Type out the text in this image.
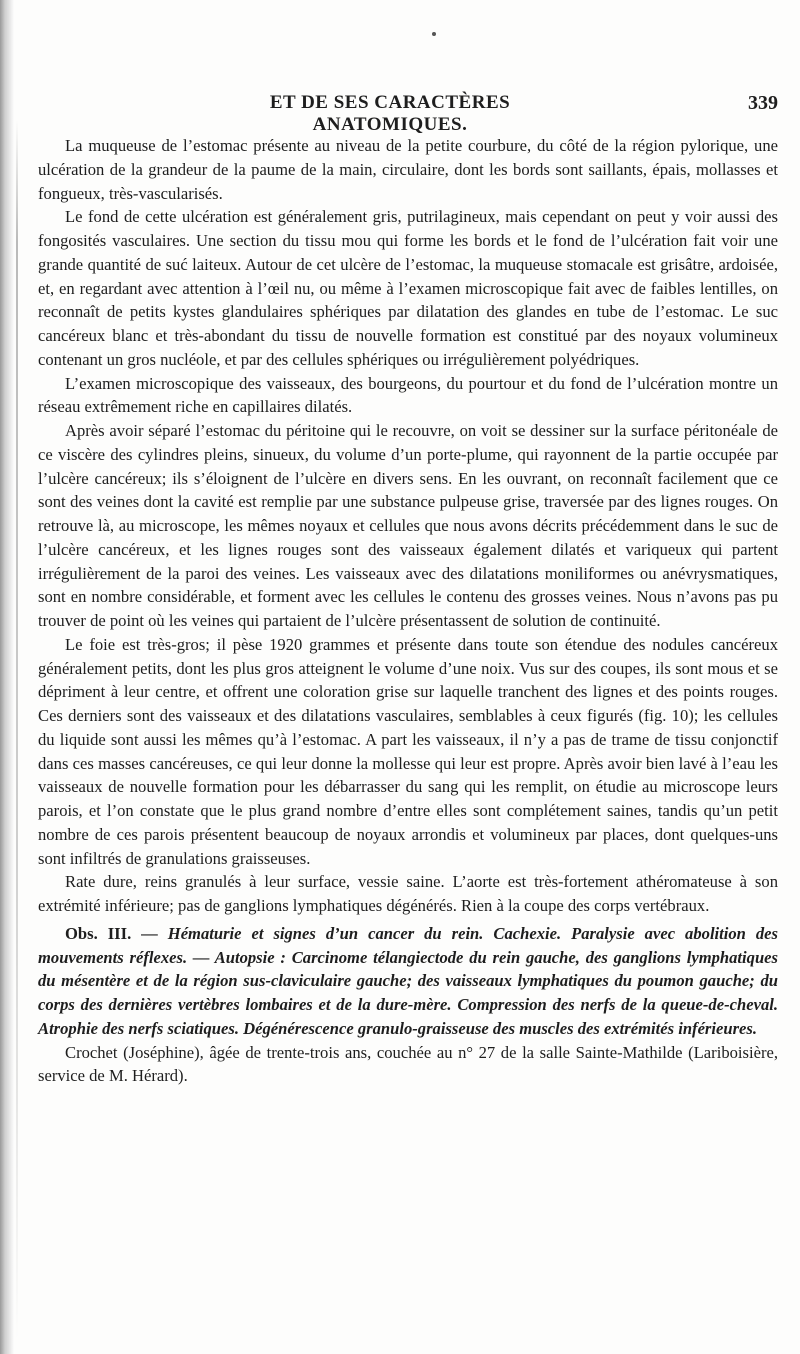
ET DE SES CARACTÈRES ANATOMIQUES.
339

La muqueuse de l’estomac présente au niveau de la petite courbure, du côté de la région pylorique, une ulcération de la grandeur de la paume de la main, circulaire, dont les bords sont saillants, épais, mollasses et fongueux, très-vascularisés.

Le fond de cette ulcération est généralement gris, putrilagineux, mais cependant on peut y voir aussi des fongosités vasculaires. Une section du tissu mou qui forme les bords et le fond de l’ulcération fait voir une grande quantité de suć laiteux. Autour de cet ulcère de l’estomac, la muqueuse stomacale est grisâtre, ardoisée, et, en regardant avec attention à l’œil nu, ou même à l’examen microscopique fait avec de faibles lentilles, on reconnaît de petits kystes glandulaires sphériques par dilatation des glandes en tube de l’estomac. Le suc cancéreux blanc et très-abondant du tissu de nouvelle formation est constitué par des noyaux volumineux contenant un gros nucléole, et par des cellules sphériques ou irrégulièrement polyédriques.

L’examen microscopique des vaisseaux, des bourgeons, du pourtour et du fond de l’ulcération montre un réseau extrêmement riche en capillaires dilatés.

Après avoir séparé l’estomac du péritoine qui le recouvre, on voit se dessiner sur la surface péritonéale de ce viscère des cylindres pleins, sinueux, du volume d’un porte-plume, qui rayonnent de la partie occupée par l’ulcère cancéreux; ils s’éloignent de l’ulcère en divers sens. En les ouvrant, on reconnaît facilement que ce sont des veines dont la cavité est remplie par une substance pulpeuse grise, traversée par des lignes rouges. On retrouve là, au microscope, les mêmes noyaux et cellules que nous avons décrits précédemment dans le suc de l’ulcère cancéreux, et les lignes rouges sont des vaisseaux également dilatés et variqueux qui partent irrégulièrement de la paroi des veines. Les vaisseaux avec des dilatations moniliformes ou anévrysmatiques, sont en nombre considérable, et forment avec les cellules le contenu des grosses veines. Nous n’avons pas pu trouver de point où les veines qui partaient de l’ulcère présentassent de solution de continuité.

Le foie est très-gros; il pèse 1920 grammes et présente dans toute son étendue des nodules cancéreux généralement petits, dont les plus gros atteignent le volume d’une noix. Vus sur des coupes, ils sont mous et se dépriment à leur centre, et offrent une coloration grise sur laquelle tranchent des lignes et des points rouges. Ces derniers sont des vaisseaux et des dilatations vasculaires, semblables à ceux figurés (fig. 10); les cellules du liquide sont aussi les mêmes qu’à l’estomac. A part les vaisseaux, il n’y a pas de trame de tissu conjonctif dans ces masses cancéreuses, ce qui leur donne la mollesse qui leur est propre. Après avoir bien lavé à l’eau les vaisseaux de nouvelle formation pour les débarrasser du sang qui les remplit, on étudie au microscope leurs parois, et l’on constate que le plus grand nombre d’entre elles sont complétement saines, tandis qu’un petit nombre de ces parois présentent beaucoup de noyaux arrondis et volumineux par places, dont quelques-uns sont infiltrés de granulations graisseuses.

Rate dure, reins granulés à leur surface, vessie saine. L’aorte est très-fortement athéromateuse à son extrémité inférieure; pas de ganglions lymphatiques dégénérés. Rien à la coupe des corps vertébraux.

Obs. III. — Hématurie et signes d’un cancer du rein. Cachexie. Paralysie avec abolition des mouvements réflexes. — Autopsie : Carcinome télangiectode du rein gauche, des ganglions lymphatiques du mésentère et de la région sus-claviculaire gauche; des vaisseaux lymphatiques du poumon gauche; du corps des dernières vertèbres lombaires et de la dure-mère. Compression des nerfs de la queue-de-cheval. Atrophie des nerfs sciatiques. Dégénérescence granulo-graisseuse des muscles des extrémités inférieures.

Crochet (Joséphine), âgée de trente-trois ans, couchée au n° 27 de la salle Sainte-Mathilde (Lariboisière, service de M. Hérard).
